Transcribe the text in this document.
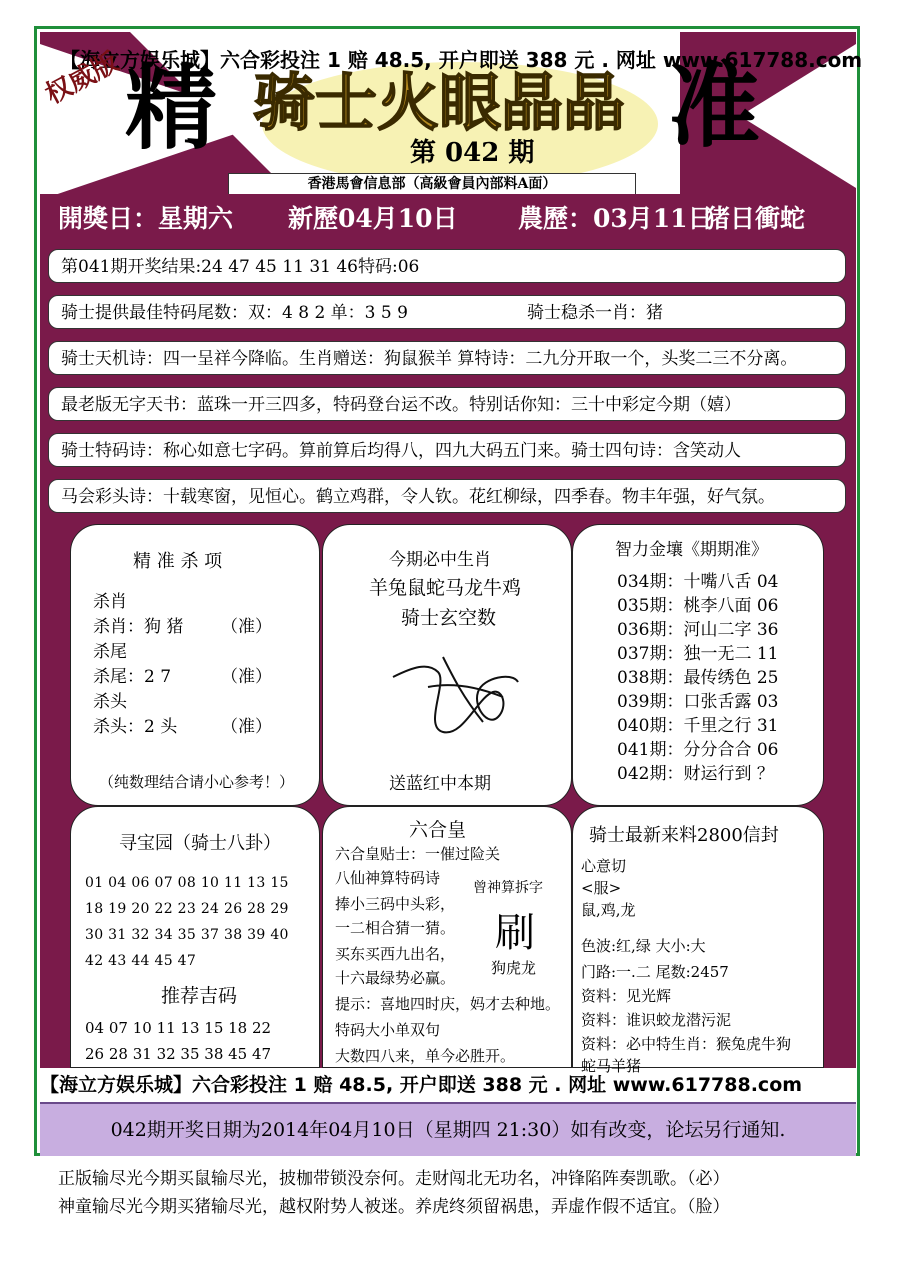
【海立方娱乐城】六合彩投注 1 赔 48.5, 开户即送 388 元 . 网址 www.617788.com
权威版 精	准
骑士火眼晶晶
第 042 期
香港馬會信息部（高級會員內部料A面）
開獎日：星期六 新歷04月10日 農歷：03月11日
猪日衝蛇
第041期开奖结果:24 47 45 11 31 46特码:06
骑士提供最佳特码尾数：双：4 8 2 单：3 5 9	骑士稳杀一肖：猪
骑士天机诗：四一呈祥今降临。生肖赠送：狗鼠猴羊 算特诗：二九分开取一个，头奖二三不分离。
最老版无字天书：蓝珠一开三四多，特码登台运不改。特别话你知：三十中彩定今期（嬉）
骑士特码诗：称心如意七字码。算前算后均得八，四九大码五门来。骑士四句诗：含笑动人
马会彩头诗：十载寒窗，见恒心。鹤立鸡群，令人钦。花红柳绿，四季春。物丰年强，好气氛。
精 准 杀 项
杀肖
杀肖：狗 猪 （准）
杀尾
杀尾：2 7	（准）
杀头
杀头：2 头	（准）
（纯数理结合请小心参考！）
今期必中生肖
羊兔鼠蛇马龙牛鸡
骑士玄空数
送蓝红中本期
智力金壤《期期准》
034期：十嘴八舌 04
035期：桃李八面 06
036期：河山二字 36
037期：独一无二 11
038期：最传绣色 25
039期：口张舌露 03
040期：千里之行 31
041期：分分合合 06
042期：财运行到 ？
寻宝园（骑士八卦）
01 04 06 07 08 10 11 13 15
18 19 20 22 23 24 26 28 29
30 31 32 34 35 37 38 39 40
42 43 44 45 47
推荐吉码
04 07 10 11 13 15 18 22
26 28 31 32 35 38 45 47
六合皇
六合皇贴士：一催过险关
八仙神算特码诗
捧小三码中头彩，
一二相合猜一猜。
买东买西九出名，
十六最绿势必赢。
提示：喜地四时庆，妈才去种地。
特码大小单双句
大数四八来，单今必胜开。
曾神算拆字
刷
狗虎龙
骑士最新来料2800信封
心意切
<服>
鼠,鸡,龙
色波:红,绿 大小:大
门路:一.二 尾数:2457
资料：见光辉
资料：谁识蛟龙潜污泥
资料：必中特生肖：猴兔虎牛狗
蛇马羊猪
【海立方娱乐城】六合彩投注 1 赔 48.5, 开户即送 388 元 . 网址 www.617788.com
042期开奖日期为2014年04月10日（星期四 21:30）如有改变，论坛另行通知.
正版输尽光今期买鼠输尽光，披枷带锁没奈何。走财闯北无功名，冲锋陷阵奏凯歌。（必）
神童输尽光今期买猪输尽光，越权附势人被迷。养虎终须留祸患，弄虚作假不适宜。（脸）
